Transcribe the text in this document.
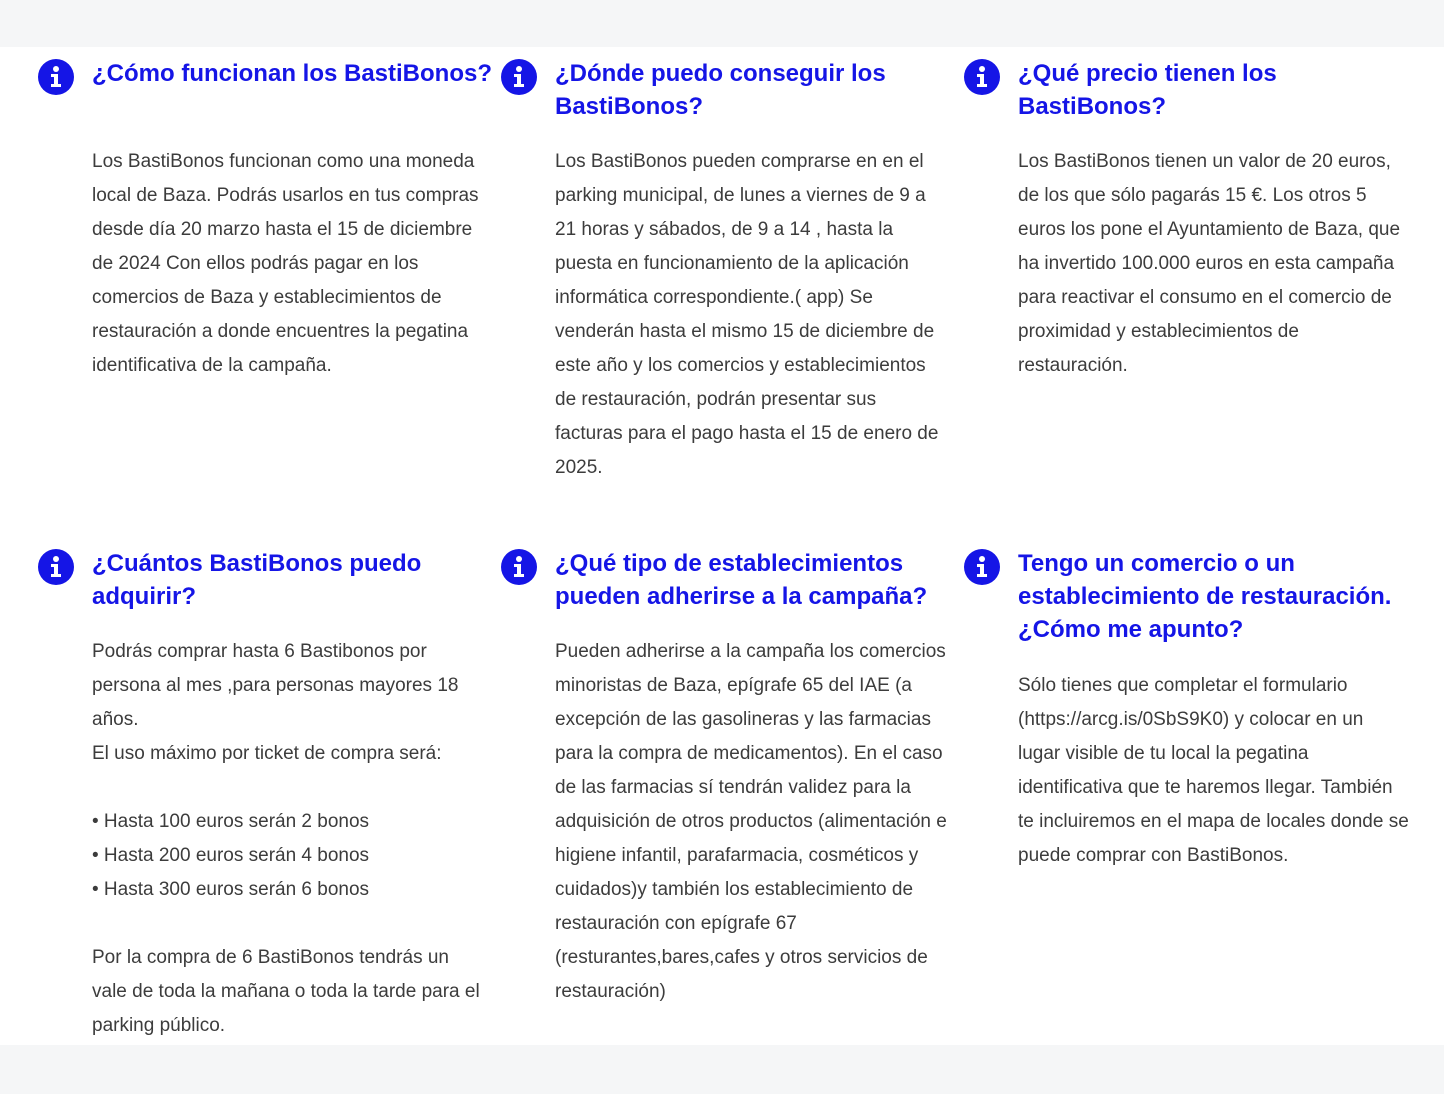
¿Cómo funcionan los BastiBonos?

Los BastiBonos funcionan como una moneda local de Baza. Podrás usarlos en tus compras desde día 20 marzo hasta el 15 de diciembre de 2024 Con ellos podrás pagar en los comercios de Baza y establecimientos de restauración a donde encuentres la pegatina identificativa de la campaña.

¿Dónde puedo conseguir los BastiBonos?

Los BastiBonos pueden comprarse en en el parking municipal, de lunes a viernes de 9 a 21 horas y sábados, de 9 a 14 , hasta la puesta en funcionamiento de la aplicación informática correspondiente.( app) Se venderán hasta el mismo 15 de diciembre de este año y los comercios y establecimientos de restauración, podrán presentar sus facturas para el pago hasta el 15 de enero de 2025.

¿Qué precio tienen los BastiBonos?

Los BastiBonos tienen un valor de 20 euros, de los que sólo pagarás 15 €. Los otros 5 euros los pone el Ayuntamiento de Baza, que ha invertido 100.000 euros en esta campaña para reactivar el consumo en el comercio de proximidad y establecimientos de restauración.

¿Cuántos BastiBonos puedo adquirir?

Podrás comprar hasta 6 Bastibonos por persona al mes ,para personas mayores 18 años.
El uso máximo por ticket de compra será:

• Hasta 100 euros serán 2 bonos
• Hasta 200 euros serán 4 bonos
• Hasta 300 euros serán 6 bonos

Por la compra de 6 BastiBonos tendrás un vale de toda la mañana o toda la tarde para el parking público.

¿Qué tipo de establecimientos pueden adherirse a la campaña?

Pueden adherirse a la campaña los comercios minoristas de Baza, epígrafe 65 del IAE (a excepción de las gasolineras y las farmacias para la compra de medicamentos). En el caso de las farmacias sí tendrán validez para la adquisición de otros productos (alimentación e higiene infantil, parafarmacia, cosméticos y cuidados)y también los establecimiento de restauración con epígrafe 67 (resturantes,bares,cafes y otros servicios de restauración)

Tengo un comercio o un establecimiento de restauración. ¿Cómo me apunto?

Sólo tienes que completar el formulario (https://arcg.is/0SbS9K0) y colocar en un lugar visible de tu local la pegatina identificativa que te haremos llegar. También te incluiremos en el mapa de locales donde se puede comprar con BastiBonos.
